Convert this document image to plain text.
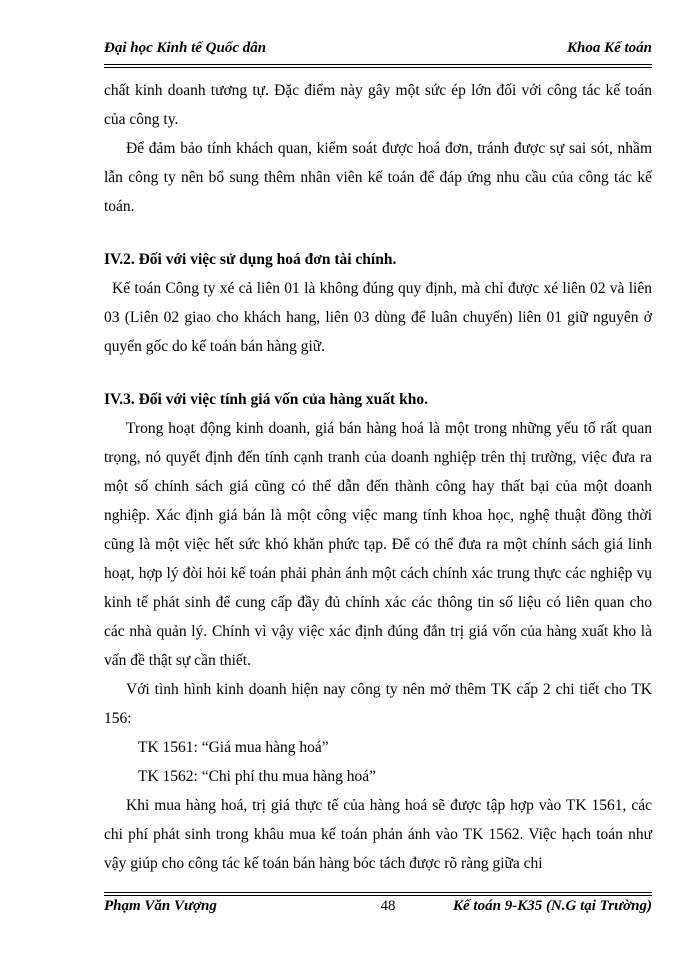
Đại học Kinh tế Quốc dân	Khoa Kế toán

chất kinh doanh tương tự. Đặc điểm này gây một sức ép lớn đối với công tác kế toán của công ty.

Để đảm bảo tính khách quan, kiểm soát được hoá đơn, tránh được sự sai sót, nhầm lẫn công ty nên bổ sung thêm nhân viên kế toán để đáp ứng nhu cầu của công tác kế toán.

IV.2. Đối với việc sử dụng hoá đơn tài chính.

Kế toán Công ty xé cả liên 01 là không đúng quy định, mà chỉ được xé liên 02 và liên 03 (Liên 02 giao cho khách hang, liên 03 dùng để luân chuyển) liên 01 giữ nguyên ở quyển gốc do kế toán bán hàng giữ.

IV.3. Đối với việc tính giá vốn của hàng xuất kho.

Trong hoạt động kinh doanh, giá bán hàng hoá là một trong những yếu tố rất quan trọng, nó quyết định đến tính cạnh tranh của doanh nghiệp trên thị trường, việc đưa ra một số chính sách giá cũng có thể dẫn đến thành công hay thất bại của một doanh nghiệp. Xác định giá bán là một công việc mang tính khoa học, nghệ thuật đồng thời cũng là một việc hết sức khó khăn phức tạp. Để có thể đưa ra một chính sách giá linh hoạt, hợp lý đòi hỏi kế toán phải phản ánh một cách chính xác trung thực các nghiệp vụ kinh tế phát sinh để cung cấp đầy đủ chính xác các thông tin số liệu có liên quan cho các nhà quản lý. Chính vì vậy việc xác định đúng đắn trị giá vốn của hàng xuất kho là vấn đề thật sự cần thiết.

Với tình hình kinh doanh hiện nay công ty nên mở thêm TK cấp 2 chi tiết cho TK 156:

TK 1561: “Giá mua hàng hoá”

TK 1562: “Chi phí thu mua hàng hoá”

Khi mua hàng hoá, trị giá thực tế của hàng hoá sẽ được tập hợp vào TK 1561, các chi phí phát sinh trong khâu mua kế toán phản ánh vào TK 1562. Việc hạch toán như vậy giúp cho công tác kế toán bán hàng bóc tách được rõ ràng giữa chi

Phạm Văn Vượng	48	Kế toán 9-K35 (N.G tại Trường)
